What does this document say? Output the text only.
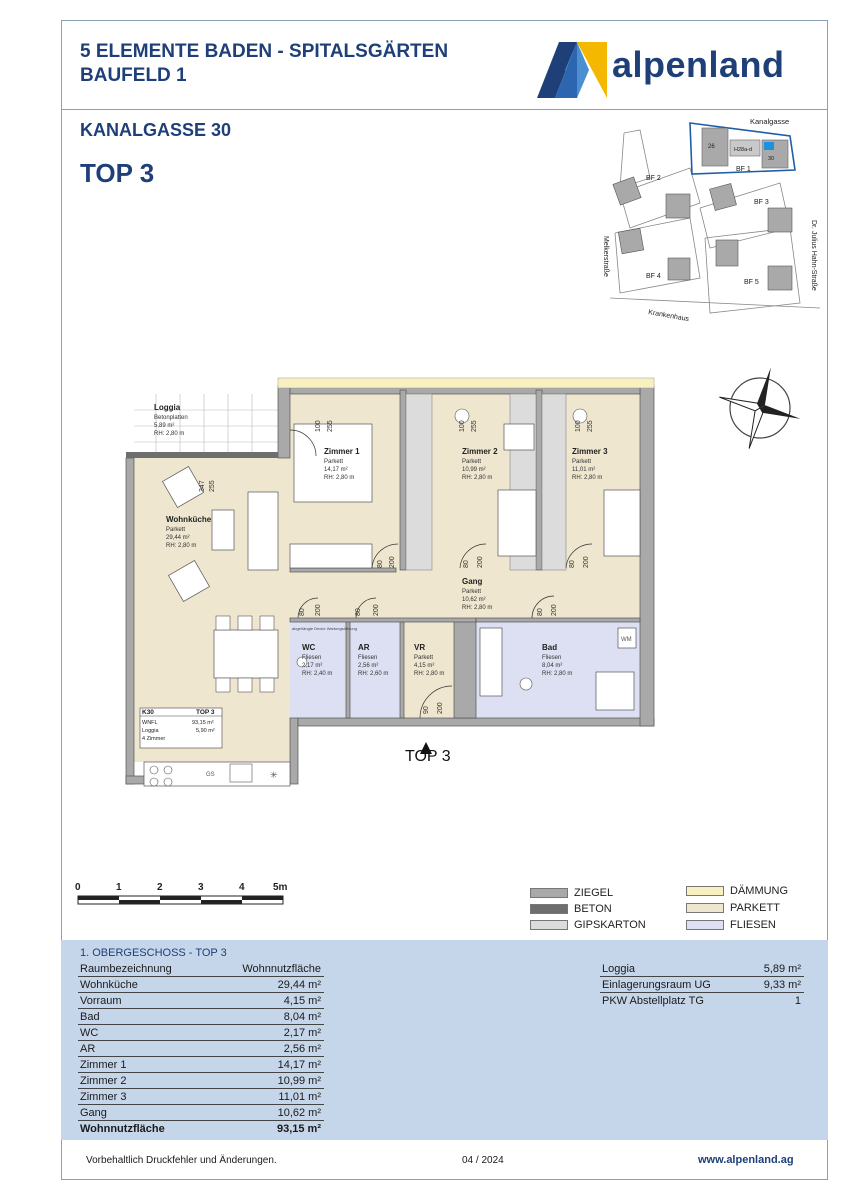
5 ELEMENTE BADEN - SPITALSGÄRTEN
BAUFELD 1	alpenland
KANALGASSE 30
TOP 3
26	H28a-d
30
Kanalgasse
BF 1
BF 2
BF 3
BF 4
BF 5
Melkerstraße	Dr. Julius Hahn-Straße
Krankenhaus
100 255	100 255	100 255
347 255
80 200	80 200	80 200
80 200	80 200	80 200
90 200
Loggia
Betonplatten
5,89 m²
RH: 2,80 m
Wohnküche
Parkett
29,44 m²
RH: 2,80 m
Zimmer 1
Parkett
14,17 m²
RH: 2,80 m
Zimmer 2
Parkett
10,99 m²
RH: 2,80 m
Zimmer 3
Parkett
11,01 m²
RH: 2,80 m
Gang
Parkett
10,62 m²
RH: 2,80 m
WC
Fliesen
2,17 m²
RH: 2,40 m
abgehängte Decke Wartungsöffnung
AR
Fliesen
2,56 m²
RH: 2,60 m
VR
Parkett
4,15 m²
RH: 2,80 m
Bad
Fliesen
8,04 m²
RH: 2,80 m
WM
GS	✳
K30	TOP 3
WNFL	93,15 m²
Loggia	5,90 m²
4 Zimmer
TOP 3
0	1	2	3	4	5m	ZIEGEL
BETON
GIPSKARTON
DÄMMUNG
PARKETT
FLIESEN
1. OBERGESCHOSS - TOP 3
Raumbezeichnung	Wohnnutzfläche
Wohnküche	29,44 m²
Vorraum	4,15 m²
Bad	8,04 m²
WC	2,17 m²
AR	2,56 m²
Zimmer 1	14,17 m²
Zimmer 2	10,99 m²
Zimmer 3	11,01 m²
Gang	10,62 m²
Wohnnutzfläche	93,15 m²
Loggia	5,89 m²
Einlagerungsraum UG	9,33 m²
PKW Abstellplatz TG	1
Vorbehaltlich Druckfehler und Änderungen.	04 / 2024	www.alpenland.ag
